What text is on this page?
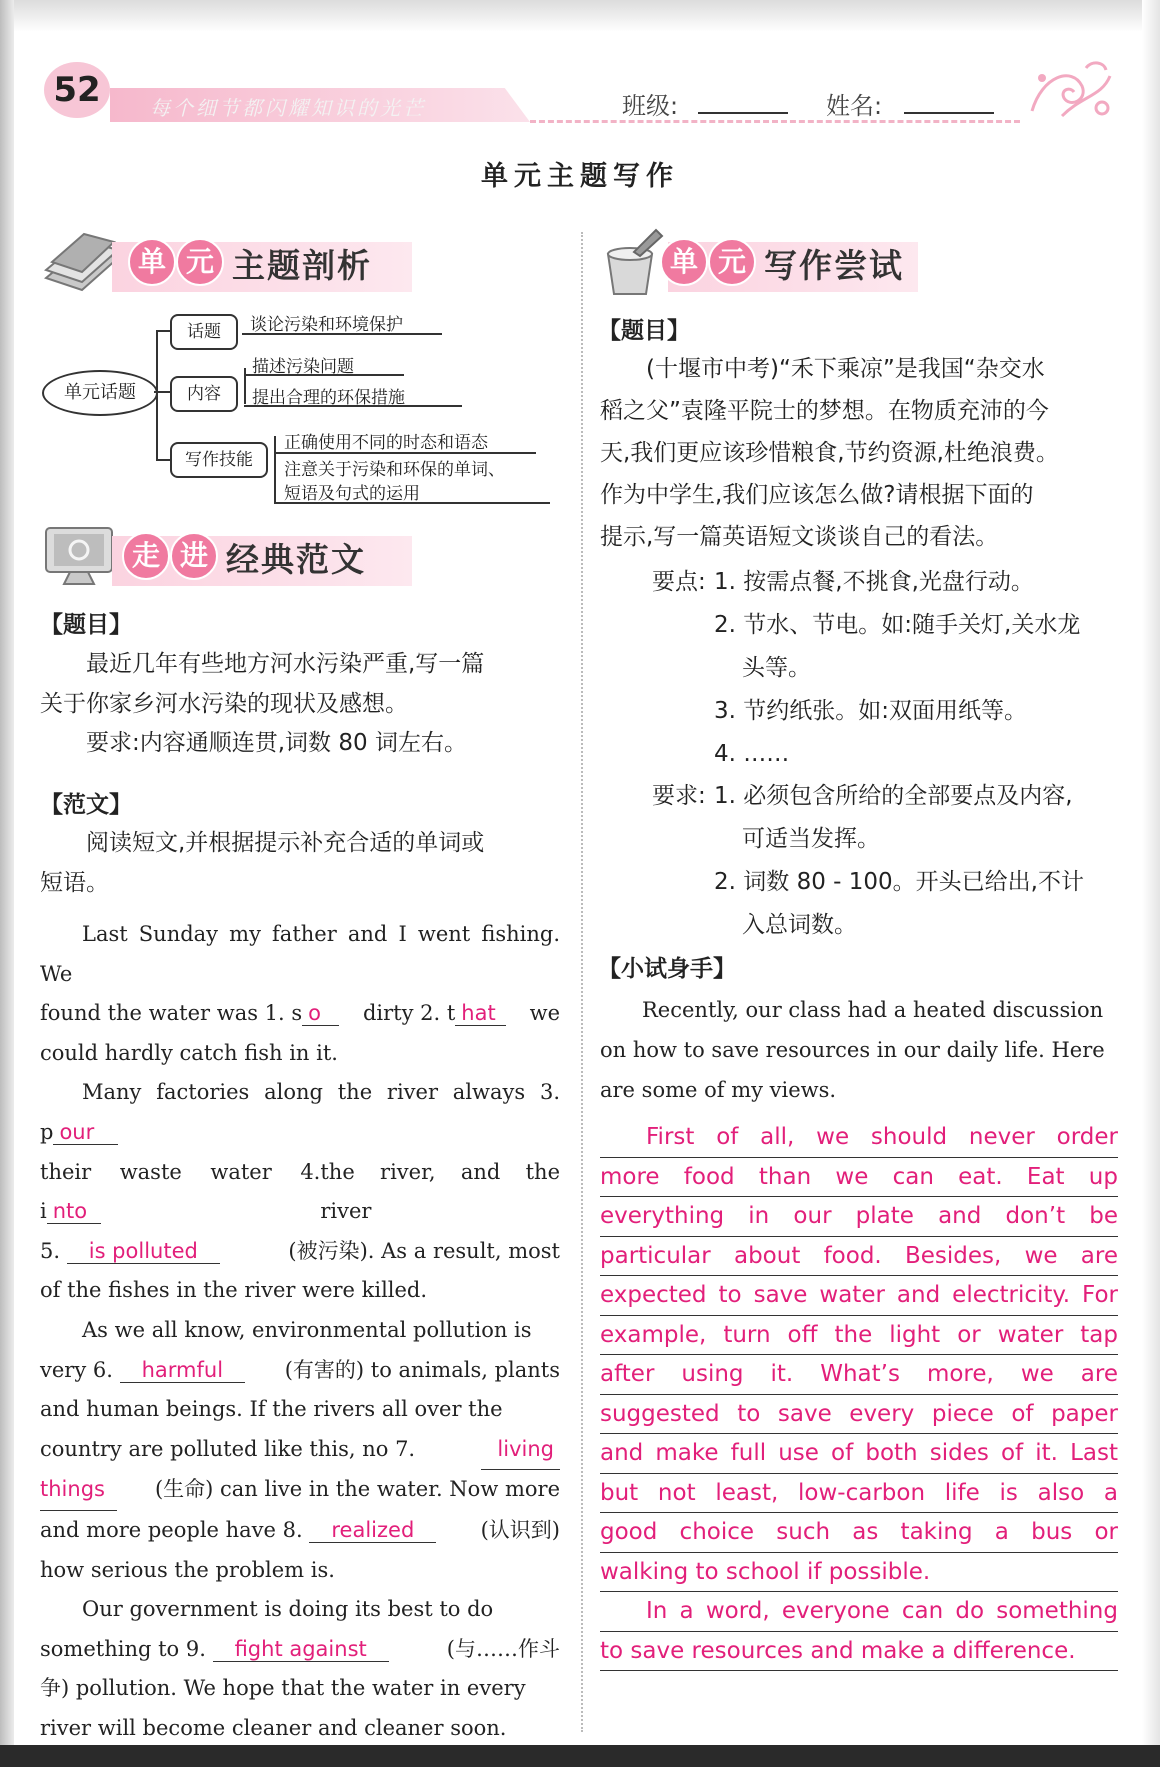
52	每个细节都闪耀知识的光芒	班级:	姓名:
单元主题写作
单 元 主题剖析
单元话题
话题	谈论污染和环境保护
内容
描述污染问题
提出合理的环保措施
写作技能
正确使用不同的时态和语态
注意关于污染和环保的单词、
短语及句式的运用
走 进 经典范文
【题目】
最近几年有些地方河水污染严重,写一篇
关于你家乡河水污染的现状及感想。
要求:内容通顺连贯,词数 80 词左右。
【范文】
阅读短文,并根据提示补充合适的单词或
短语。
Last Sunday my father and I went fishing. We
found the water was 1. s o	dirty 2. t hat	we
could hardly catch fish in it.
Many factories along the river always 3. p our
their waste water 4. i nto
the river, and the river
5. is polluted	(被污染). As a result, most
of the fishes in the river were killed.
As we all know, environmental pollution is
very 6. harmful	(有害的) to animals, plants
and human beings. If the rivers all over the
country are polluted like this, no 7.	living
things	(生命) can live in the water. Now more
and more people have 8. realized	(认识到)
how serious the problem is.
Our government is doing its best to do
something to 9. fight against	(与……作斗
争) pollution. We hope that the water in every
river will become cleaner and cleaner soon.
单 元 写作尝试
【题目】
(十堰市中考)“禾下乘凉”是我国“杂交水
稻之父”袁隆平院士的梦想。在物质充沛的今
天,我们更应该珍惜粮食,节约资源,杜绝浪费。
作为中学生,我们应该怎么做?请根据下面的
提示,写一篇英语短文谈谈自己的看法。
要点: 1. 按需点餐,不挑食,光盘行动。
2. 节水、节电。如:随手关灯,关水龙
头等。
3. 节约纸张。如:双面用纸等。
4. ……
要求: 1. 必须包含所给的全部要点及内容,
可适当发挥。
2. 词数 80 - 100。开头已给出,不计
入总词数。
【小试身手】
Recently, our class had a heated discussion
on how to save resources in our daily life. Here
are some of my views.

First of all, we should never order

more food than we can eat. Eat up

everything in our plate and don’t be

particular about food. Besides, we are

expected to save water and electricity. For

example, turn off the light or water tap

after using it. What’s more, we are

suggested to save every piece of paper

and make full use of both sides of it. Last

but not least, low-carbon life is also a

good choice such as taking a bus or

walking to school if possible.

In a word, everyone can do something

to save resources and make a difference.
